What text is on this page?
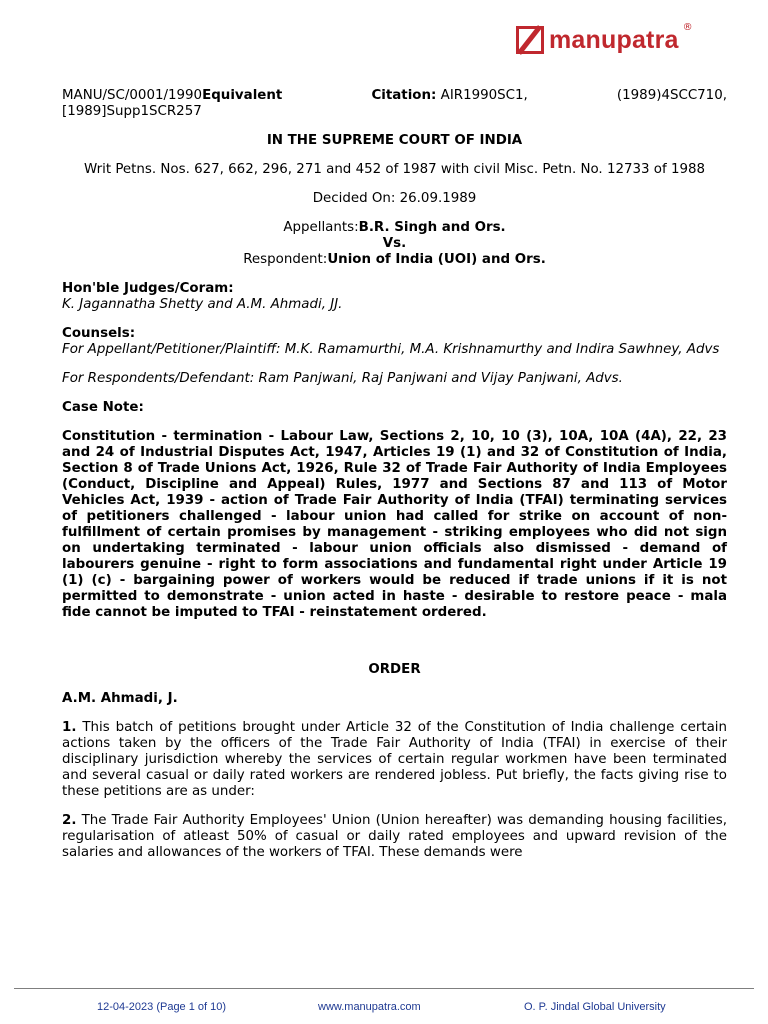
manupatra ®
MANU/SC/0001/1990Equivalent	Citation: AIR1990SC1,	(1989)4SCC710,

[1989]Supp1SCR257

IN THE SUPREME COURT OF INDIA

Writ Petns. Nos. 627, 662, 296, 271 and 452 of 1987 with civil Misc. Petn. No. 12733 of 1988

Decided On: 26.09.1989

Appellants:B.R. Singh and Ors.

Vs.

Respondent:Union of India (UOI) and Ors.

Hon'ble Judges/Coram:

K. Jagannatha Shetty and A.M. Ahmadi, JJ.

Counsels:

For Appellant/Petitioner/Plaintiff: M.K. Ramamurthi, M.A. Krishnamurthy and Indira Sawhney, Advs

For Respondents/Defendant: Ram Panjwani, Raj Panjwani and Vijay Panjwani, Advs.

Case Note:

Constitution - termination - Labour Law, Sections 2, 10, 10 (3), 10A, 10A (4A), 22, 23 and 24 of Industrial Disputes Act, 1947, Articles 19 (1) and 32 of Constitution of India, Section 8 of Trade Unions Act, 1926, Rule 32 of Trade Fair Authority of India Employees (Conduct, Discipline and Appeal) Rules, 1977 and Sections 87 and 113 of Motor Vehicles Act, 1939 - action of Trade Fair Authority of India (TFAI) terminating services of petitioners challenged - labour union had called for strike on account of non-fulfillment of certain promises by management - striking employees who did not sign on undertaking terminated - labour union officials also dismissed - demand of labourers genuine - right to form associations and fundamental right under Article 19 (1) (c) - bargaining power of workers would be reduced if trade unions if it is not permitted to demonstrate - union acted in haste - desirable to restore peace - mala fide cannot be imputed to TFAI - reinstatement ordered.

ORDER

A.M. Ahmadi, J.

1. This batch of petitions brought under Article 32 of the Constitution of India challenge certain actions taken by the officers of the Trade Fair Authority of India (TFAI) in exercise of their disciplinary jurisdiction whereby the services of certain regular workmen have been terminated and several casual or daily rated workers are rendered jobless. Put briefly, the facts giving rise to these petitions are as under:

2. The Trade Fair Authority Employees' Union (Union hereafter) was demanding housing facilities, regularisation of atleast 50% of casual or daily rated employees and upward revision of the salaries and allowances of the workers of TFAI. These demands were

12-04-2023 (Page 1 of 10)	www.manupatra.com	O. P. Jindal Global University
